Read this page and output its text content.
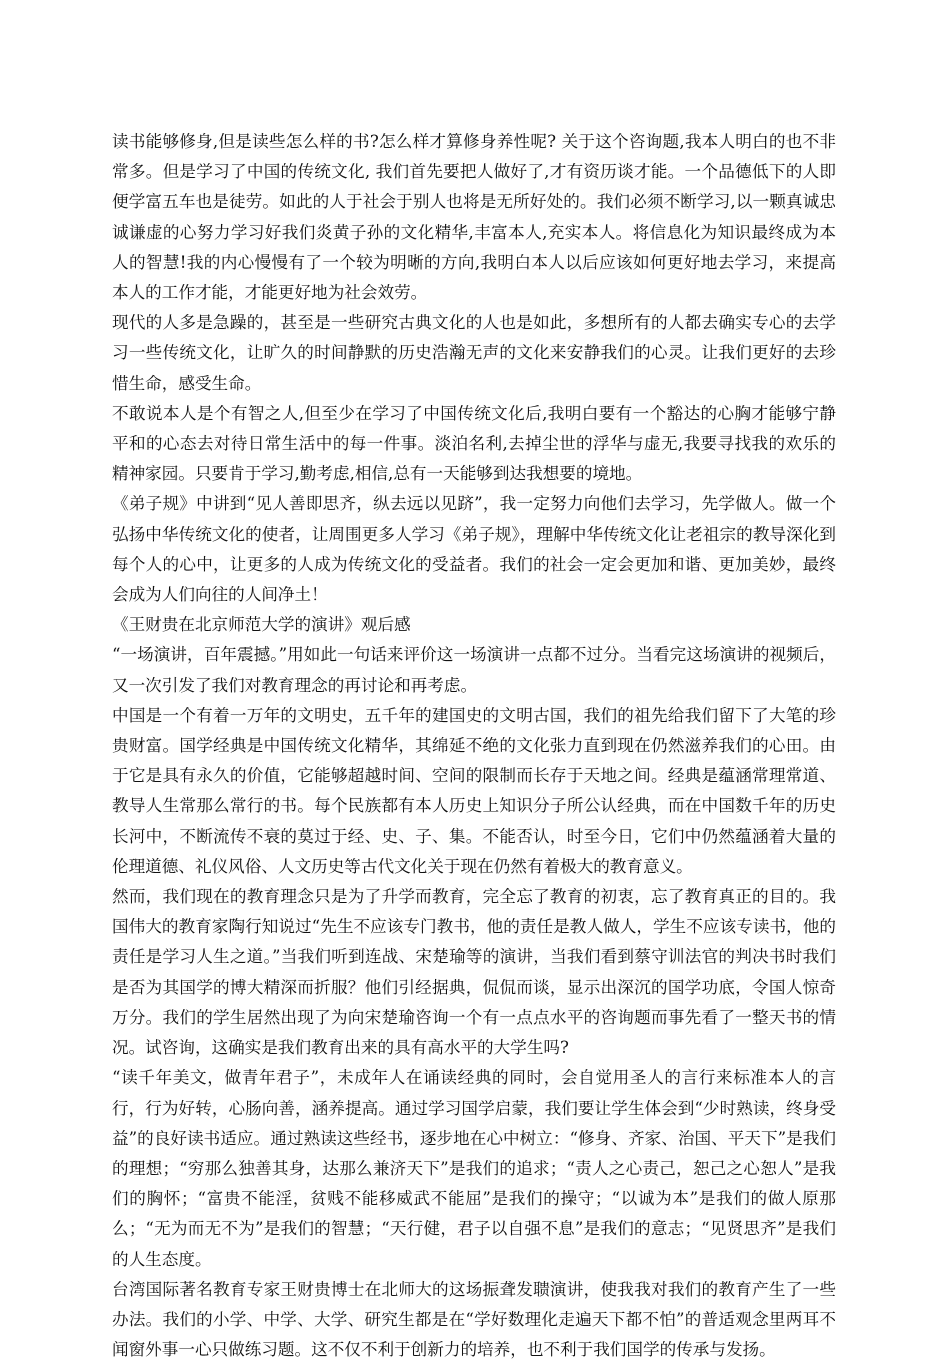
读书能够修身,但是读些怎么样的书?怎么样才算修身养性呢? 关于这个咨询题,我本人明白的也不非常多。但是学习了中国的传统文化, 我们首先要把人做好了,才有资历谈才能。一个品德低下的人即便学富五车也是徒劳。如此的人于社会于别人也将是无所好处的。我们必须不断学习,以一颗真诚忠诚谦虚的心努力学习好我们炎黄子孙的文化精华,丰富本人,充实本人。将信息化为知识最终成为本人的智慧!我的内心慢慢有了一个较为明晰的方向,我明白本人以后应该如何更好地去学习，来提高本人的工作才能，才能更好地为社会效劳。

现代的人多是急躁的，甚至是一些研究古典文化的人也是如此，多想所有的人都去确实专心的去学习一些传统文化，让旷久的时间静默的历史浩瀚无声的文化来安静我们的心灵。让我们更好的去珍惜生命，感受生命。

不敢说本人是个有智之人,但至少在学习了中国传统文化后,我明白要有一个豁达的心胸才能够宁静平和的心态去对待日常生活中的每一件事。淡泊名利,去掉尘世的浮华与虚无,我要寻找我的欢乐的精神家园。只要肯于学习,勤考虑,相信,总有一天能够到达我想要的境地。

《弟子规》中讲到“见人善即思齐，纵去远以见跻”，我一定努力向他们去学习，先学做人。做一个弘扬中华传统文化的使者，让周围更多人学习《弟子规》，理解中华传统文化让老祖宗的教导深化到每个人的心中，让更多的人成为传统文化的受益者。我们的社会一定会更加和谐、更加美妙，最终会成为人们向往的人间净土！

《王财贵在北京师范大学的演讲》观后感

“一场演讲，百年震撼。”用如此一句话来评价这一场演讲一点都不过分。当看完这场演讲的视频后，又一次引发了我们对教育理念的再讨论和再考虑。

中国是一个有着一万年的文明史，五千年的建国史的文明古国，我们的祖先给我们留下了大笔的珍贵财富。国学经典是中国传统文化精华，其绵延不绝的文化张力直到现在仍然滋养我们的心田。由于它是具有永久的价值，它能够超越时间、空间的限制而长存于天地之间。经典是蕴涵常理常道、教导人生常那么常行的书。每个民族都有本人历史上知识分子所公认经典，而在中国数千年的历史长河中，不断流传不衰的莫过于经、史、子、集。不能否认，时至今日，它们中仍然蕴涵着大量的伦理道德、礼仪风俗、人文历史等古代文化关于现在仍然有着极大的教育意义。

然而，我们现在的教育理念只是为了升学而教育，完全忘了教育的初衷，忘了教育真正的目的。我国伟大的教育家陶行知说过“先生不应该专门教书，他的责任是教人做人，学生不应该专读书，他的责任是学习人生之道。”当我们听到连战、宋楚瑜等的演讲，当我们看到蔡守训法官的判决书时我们是否为其国学的博大精深而折服？他们引经据典，侃侃而谈，显示出深沉的国学功底，令国人惊奇万分。我们的学生居然出现了为向宋楚瑜咨询一个有一点点水平的咨询题而事先看了一整天书的情况。试咨询，这确实是我们教育出来的具有高水平的大学生吗?

“读千年美文，做青年君子”，未成年人在诵读经典的同时，会自觉用圣人的言行来标准本人的言行，行为好转，心肠向善，涵养提高。通过学习国学启蒙，我们要让学生体会到“少时熟读，终身受益”的良好读书适应。通过熟读这些经书，逐步地在心中树立：“修身、齐家、治国、平天下”是我们的理想；“穷那么独善其身，达那么兼济天下”是我们的追求；“责人之心责己，恕己之心恕人”是我们的胸怀；“富贵不能淫，贫贱不能移威武不能屈”是我们的操守；“以诚为本”是我们的做人原那么；“无为而无不为”是我们的智慧；“天行健，君子以自强不息”是我们的意志；“见贤思齐”是我们的人生态度。

台湾国际著名教育专家王财贵博士在北师大的这场振聋发聩演讲，使我我对我们的教育产生了一些办法。我们的小学、中学、大学、研究生都是在“学好数理化走遍天下都不怕”的普适观念里两耳不闻窗外事一心只做练习题。这不仅不利于创新力的培养，也不利于我们国学的传承与发扬。
